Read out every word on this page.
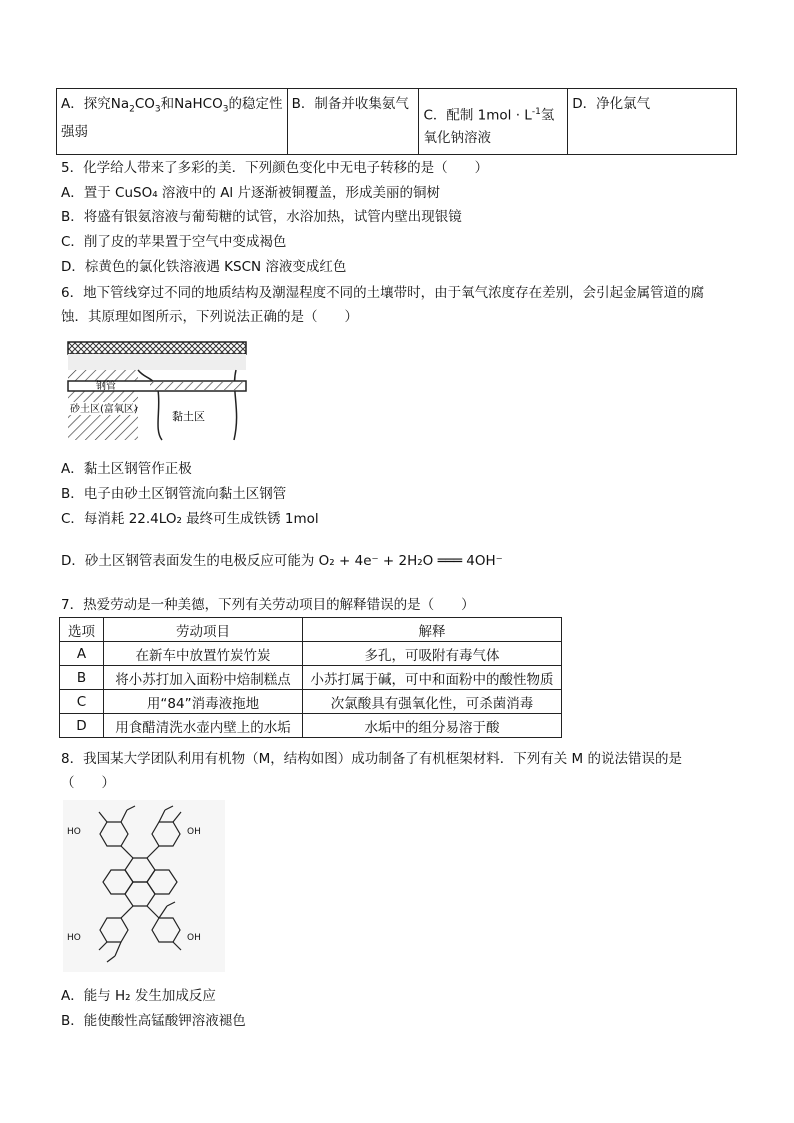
A．探究$Na_2CO_3$和NaHCO$_3$的稳定性强弱	B．制备并收集氨气	C．配制 $1mol \cdot L^{-1}$氢氧化钠溶液	D．净化氯气
5．化学给人带来了多彩的美．下列颜色变化中无电子转移的是（　　）
A．置于 CuSO₄ 溶液中的 Al 片逐渐被铜覆盖，形成美丽的铜树
B．将盛有银氨溶液与葡萄糖的试管，水浴加热，试管内壁出现银镜
C．削了皮的苹果置于空气中变成褐色
D．棕黄色的氯化铁溶液遇 KSCN 溶液变成红色
6．地下管线穿过不同的地质结构及潮湿程度不同的土壤带时，由于氧气浓度存在差别，会引起金属管道的腐
蚀．其原理如图所示，下列说法正确的是（　　）
钢管
砂土区(富氧区)
黏土区
A．黏土区钢管作正极
B．电子由砂土区钢管流向黏土区钢管
C．每消耗 22.4LO₂ 最终可生成铁锈 1mol
D．砂土区钢管表面发生的电极反应可能为 O₂ + 4e⁻ + 2H₂O ═══ 4OH⁻
7．热爱劳动是一种美德，下列有关劳动项目的解释错误的是（　　）
选项	劳动项目	解释
A	在新车中放置竹炭竹炭	多孔，可吸附有毒气体
B	将小苏打加入面粉中焙制糕点	小苏打属于碱，可中和面粉中的酸性物质
C	用“84”消毒液拖地	次氯酸具有强氧化性，可杀菌消毒
D	用食醋清洗水壶内壁上的水垢	水垢中的组分易溶于酸
8．我国某大学团队利用有机物（M，结构如图）成功制备了有机框架材料．下列有关 M 的说法错误的是
（　　）
HO	OH
HO	OH
A．能与 H₂ 发生加成反应
B．能使酸性高锰酸钾溶液褪色
